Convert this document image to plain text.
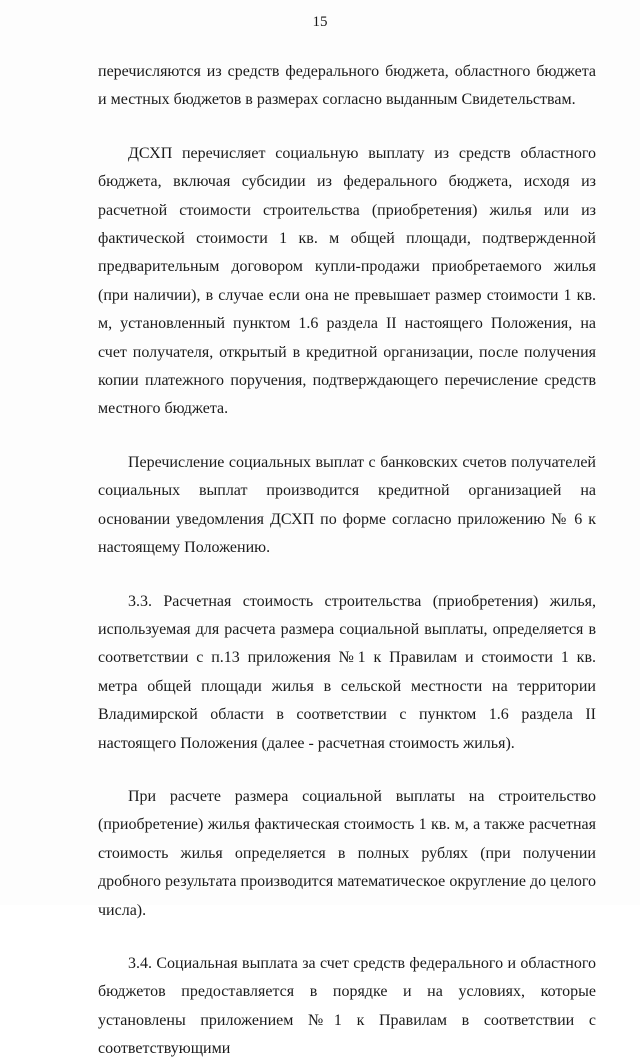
15

перечисляются из средств федерального бюджета, областного бюджета и местных бюджетов в размерах согласно выданным Свидетельствам.

ДСХП перечисляет социальную выплату из средств областного бюджета, включая субсидии из федерального бюджета, исходя из расчетной стоимости строительства (приобретения) жилья или из фактической стоимости 1 кв. м общей площади, подтвержденной предварительным договором купли-продажи приобретаемого жилья (при наличии), в случае если она не превышает размер стоимости 1 кв. м, установленный пунктом 1.6 раздела II настоящего Положения, на счет получателя, открытый в кредитной организации, после получения копии платежного поручения, подтверждающего перечисление средств местного бюджета.

Перечисление социальных выплат с банковских счетов получателей социальных выплат производится кредитной организацией на основании уведомления ДСХП по форме согласно приложению № 6 к настоящему Положению.

3.3. Расчетная стоимость строительства (приобретения) жилья, используемая для расчета размера социальной выплаты, определяется в соответствии с п.13 приложения №1 к Правилам и стоимости 1 кв. метра общей площади жилья в сельской местности на территории Владимирской области в соответствии с пунктом 1.6 раздела II настоящего Положения (далее - расчетная стоимость жилья).

При расчете размера социальной выплаты на строительство (приобретение) жилья фактическая стоимость 1 кв. м, а также расчетная стоимость жилья определяется в полных рублях (при получении дробного результата производится математическое округление до целого числа).

3.4. Социальная выплата за счет средств федерального и областного бюджетов предоставляется в порядке и на условиях, которые установлены приложением №1 к Правилам в соответствии с соответствующими
